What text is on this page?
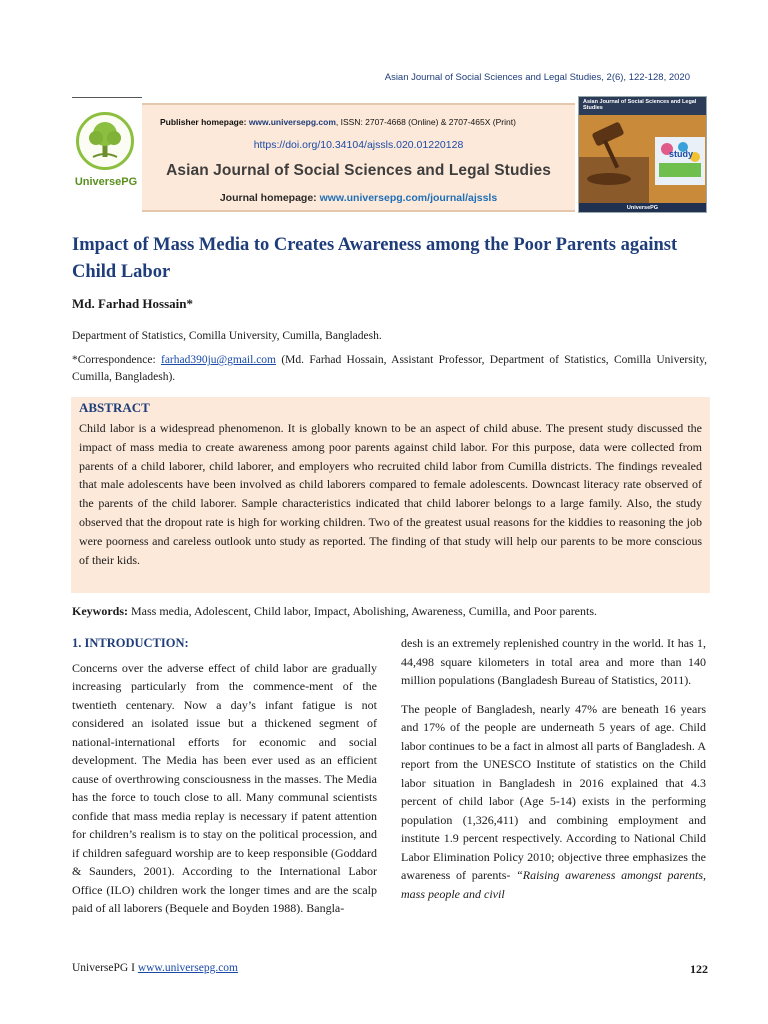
Asian Journal of Social Sciences and Legal Studies, 2(6), 122-128, 2020
UniversePG
Publisher homepage: www.universepg.com, ISSN: 2707-4668 (Online) & 2707-465X (Print)
https://doi.org/10.34104/ajssls.020.01220128
Asian Journal of Social Sciences and Legal Studies
Journal homepage: www.universepg.com/journal/ajssls
Asian Journal of Social Sciences and Legal Studies
study
UniversePG
Impact of Mass Media to Creates Awareness among the Poor Parents against Child Labor
Md. Farhad Hossain*
Department of Statistics, Comilla University, Cumilla, Bangladesh.
*Correspondence: farhad390ju@gmail.com (Md. Farhad Hossain, Assistant Professor, Department of Statistics, Comilla University, Cumilla, Bangladesh).
ABSTRACT

Child labor is a widespread phenomenon. It is globally known to be an aspect of child abuse. The present study discussed the impact of mass media to create awareness among poor parents against child labor. For this purpose, data were collected from parents of a child laborer, child laborer, and employers who recruited child labor from Cumilla districts. The findings revealed that male adolescents have been involved as child laborers compared to female adolescents. Downcast literacy rate observed of the parents of the child laborer. Sample characteristics indicated that child laborer belongs to a large family. Also, the study observed that the dropout rate is high for working children. Two of the greatest usual reasons for the kiddies to reasoning the job were poorness and careless outlook unto study as reported. The finding of that study will help our parents to be more conscious of their kids.

Keywords: Mass media, Adolescent, Child labor, Impact, Abolishing, Awareness, Cumilla, and Poor parents.
1. INTRODUCTION:

Concerns over the adverse effect of child labor are gradually increasing particularly from the commence-ment of the twentieth centenary. Now a day’s infant fatigue is not considered an isolated issue but a thickened segment of national-international efforts for economic and social development. The Media has been ever used as an efficient cause of overthrowing consciousness in the masses. The Media has the force to touch close to all. Many communal scientists confide that mass media replay is necessary if patent attention for children’s realism is to stay on the political procession, and if children safeguard worship are to keep responsible (Goddard & Saunders, 2001). According to the International Labor Office (ILO) children work the longer times and are the scalp paid of all laborers (Bequele and Boyden 1988). Bangla-

desh is an extremely replenished country in the world. It has 1, 44,498 square kilometers in total area and more than 140 million populations (Bangladesh Bureau of Statistics, 2011).

The people of Bangladesh, nearly 47% are beneath 16 years and 17% of the people are underneath 5 years of age. Child labor continues to be a fact in almost all parts of Bangladesh. A report from the UNESCO Institute of statistics on the Child labor situation in Bangladesh in 2016 explained that 4.3 percent of child labor (Age 5-14) exists in the performing population (1,326,411) and combining employment and institute 1.9 percent respectively. According to National Child Labor Elimination Policy 2010; objective three emphasizes the awareness of parents- “Raising awareness amongst parents, mass people and civil

UniversePG I www.universepg.com	122
